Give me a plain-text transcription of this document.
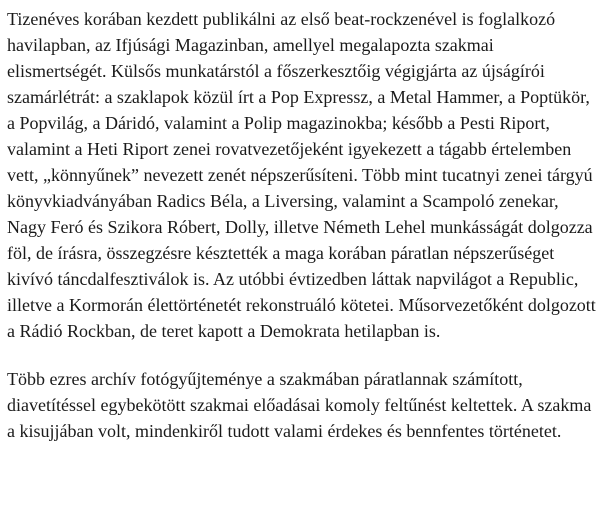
Tizenéves korában kezdett publikálni az első beat-rockzenével is foglalkozó havilapban, az Ifjúsági Magazinban, amellyel megalapozta szakmai elismertségét. Külsős munkatárstól a főszerkesztőig végigjárta az újságírói szamárlétrát: a szaklapok közül írt a Pop Expressz, a Metal Hammer, a Poptükör, a Popvilág, a Dáridó, valamint a Polip magazinokba; később a Pesti Riport, valamint a Heti Riport zenei rovatvezetőjeként igyekezett a tágabb értelemben vett, „könnyűnek” nevezett zenét népszerűsíteni. Több mint tucatnyi zenei tárgyú könyvkiadványában Radics Béla, a Liversing, valamint a Scampoló zenekar, Nagy Feró és Szikora Róbert, Dolly, illetve Németh Lehel munkásságát dolgozza föl, de írásra, összegzésre késztették a maga korában páratlan népszerűséget kivívó táncdalfesztiválok is. Az utóbbi évtizedben láttak napvilágot a Republic, illetve a Kormorán élettörténetét rekonstruáló kötetei. Műsorvezetőként dolgozott a Rádió Rockban, de teret kapott a Demokrata hetilapban is.

Több ezres archív fotógyűjteménye a szakmában páratlannak számított, diavetítéssel egybekötött szakmai előadásai komoly feltűnést keltettek. A szakma a kisujjában volt, mindenkiről tudott valami érdekes és bennfentes történetet.
